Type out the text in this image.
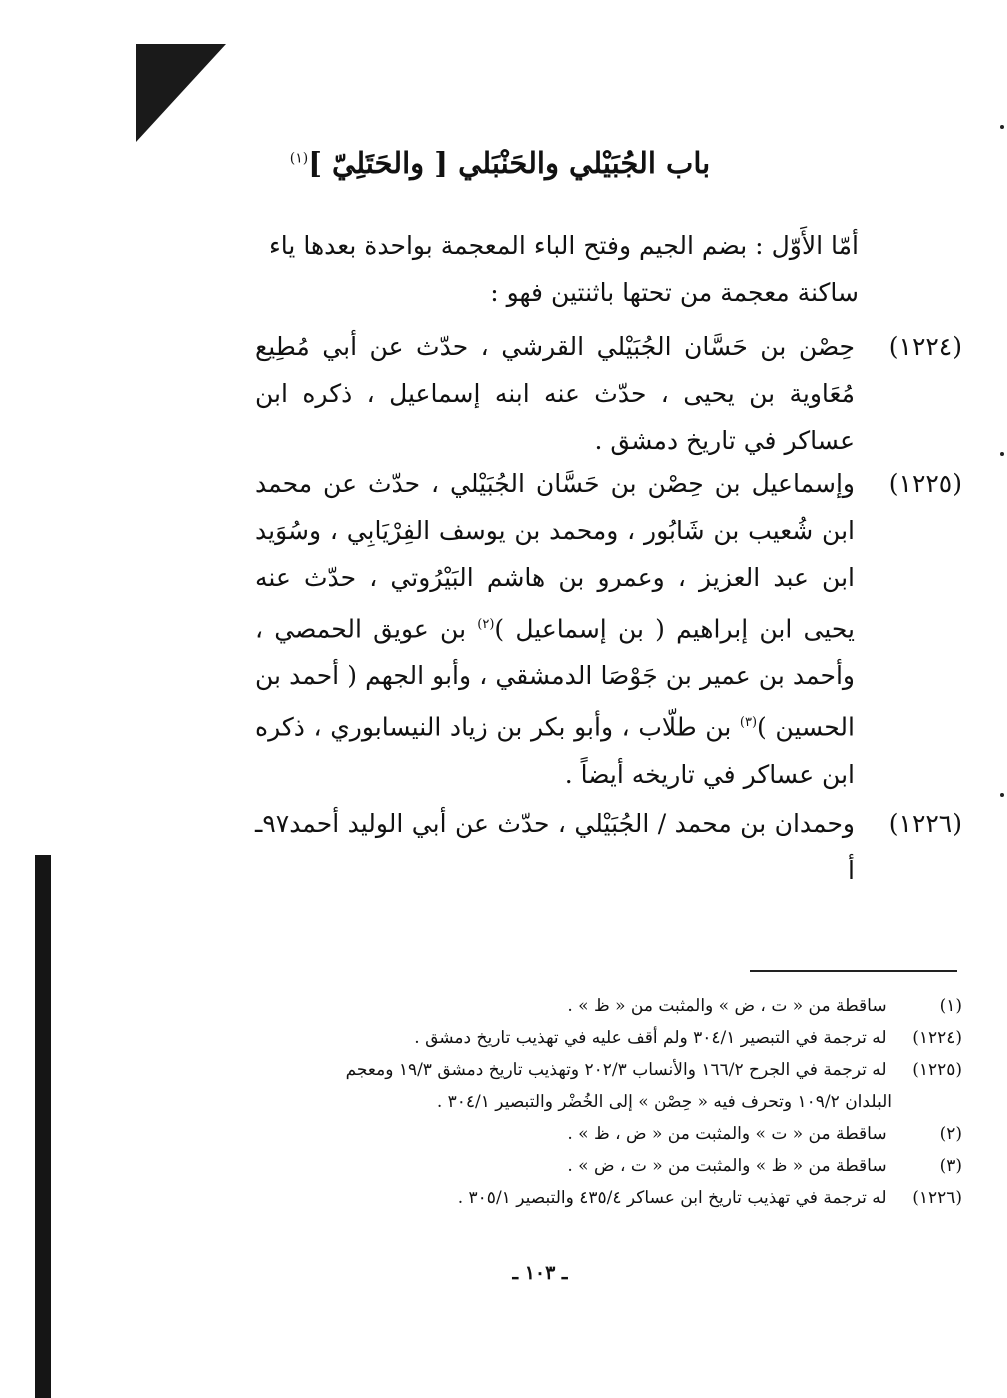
باب الجُبَيْلي والحَنْبَلي [ والحَتَلِيّ ]$^{(١)}$
أمّا الأَوّل : بضم الجيم وفتح الباء المعجمة بواحدة بعدها ياء ساكنة معجمة من تحتها باثنتين فهو :
(١٢٢٤)
حِصْن بن حَسَّان الجُبَيْلي القرشي ، حدّث عن أبي مُطِيع مُعَاوية بن يحيى ، حدّث عنه ابنه إسماعيل ، ذكره ابن عساكر في تاريخ دمشق .
(١٢٢٥)
وإسماعيل بن حِصْن بن حَسَّان الجُبَيْلي ، حدّث عن محمد ابن شُعيب بن شَابُور ، ومحمد بن يوسف الفِرْيَابِي ، وسُوَيد ابن عبد العزيز ، وعمرو بن هاشم البَيْرُوتي ، حدّث عنه يحيى ابن إبراهيم ( بن إسماعيل )$^{(٢)}$ بن عويق الحمصي ، وأحمد بن عمير بن جَوْصَا الدمشقي ، وأبو الجهم ( أحمد بن الحسين )$^{(٣)}$ بن طلّاب ، وأبو بكر بن زياد النيسابوري ، ذكره ابن عساكر في تاريخه أيضاً .
(١٢٢٦)
وحمدان بن محمد / الجُبَيْلي ، حدّث عن أبي الوليد أحمد٩٧ـ أ
(١) ساقطة من « ت ، ض » والمثبت من « ظ » .
(١٢٢٤) له ترجمة في التبصير ٣٠٤/١ ولم أقف عليه في تهذيب تاريخ دمشق .
(١٢٢٥) له ترجمة في الجرح ١٦٦/٢ والأنساب ٢٠٢/٣ وتهذيب تاريخ دمشق ١٩/٣ ومعجم
البلدان ١٠٩/٢ وتحرف فيه « حِصْن » إلى الخُضْر والتبصير ٣٠٤/١ .
(٢) ساقطة من « ت » والمثبت من « ض ، ظ » .
(٣) ساقطة من « ظ » والمثبت من « ت ، ض » .
(١٢٢٦) له ترجمة في تهذيب تاريخ ابن عساكر ٤٣٥/٤ والتبصير ٣٠٥/١ .
ـ ١٠٣ ـ
